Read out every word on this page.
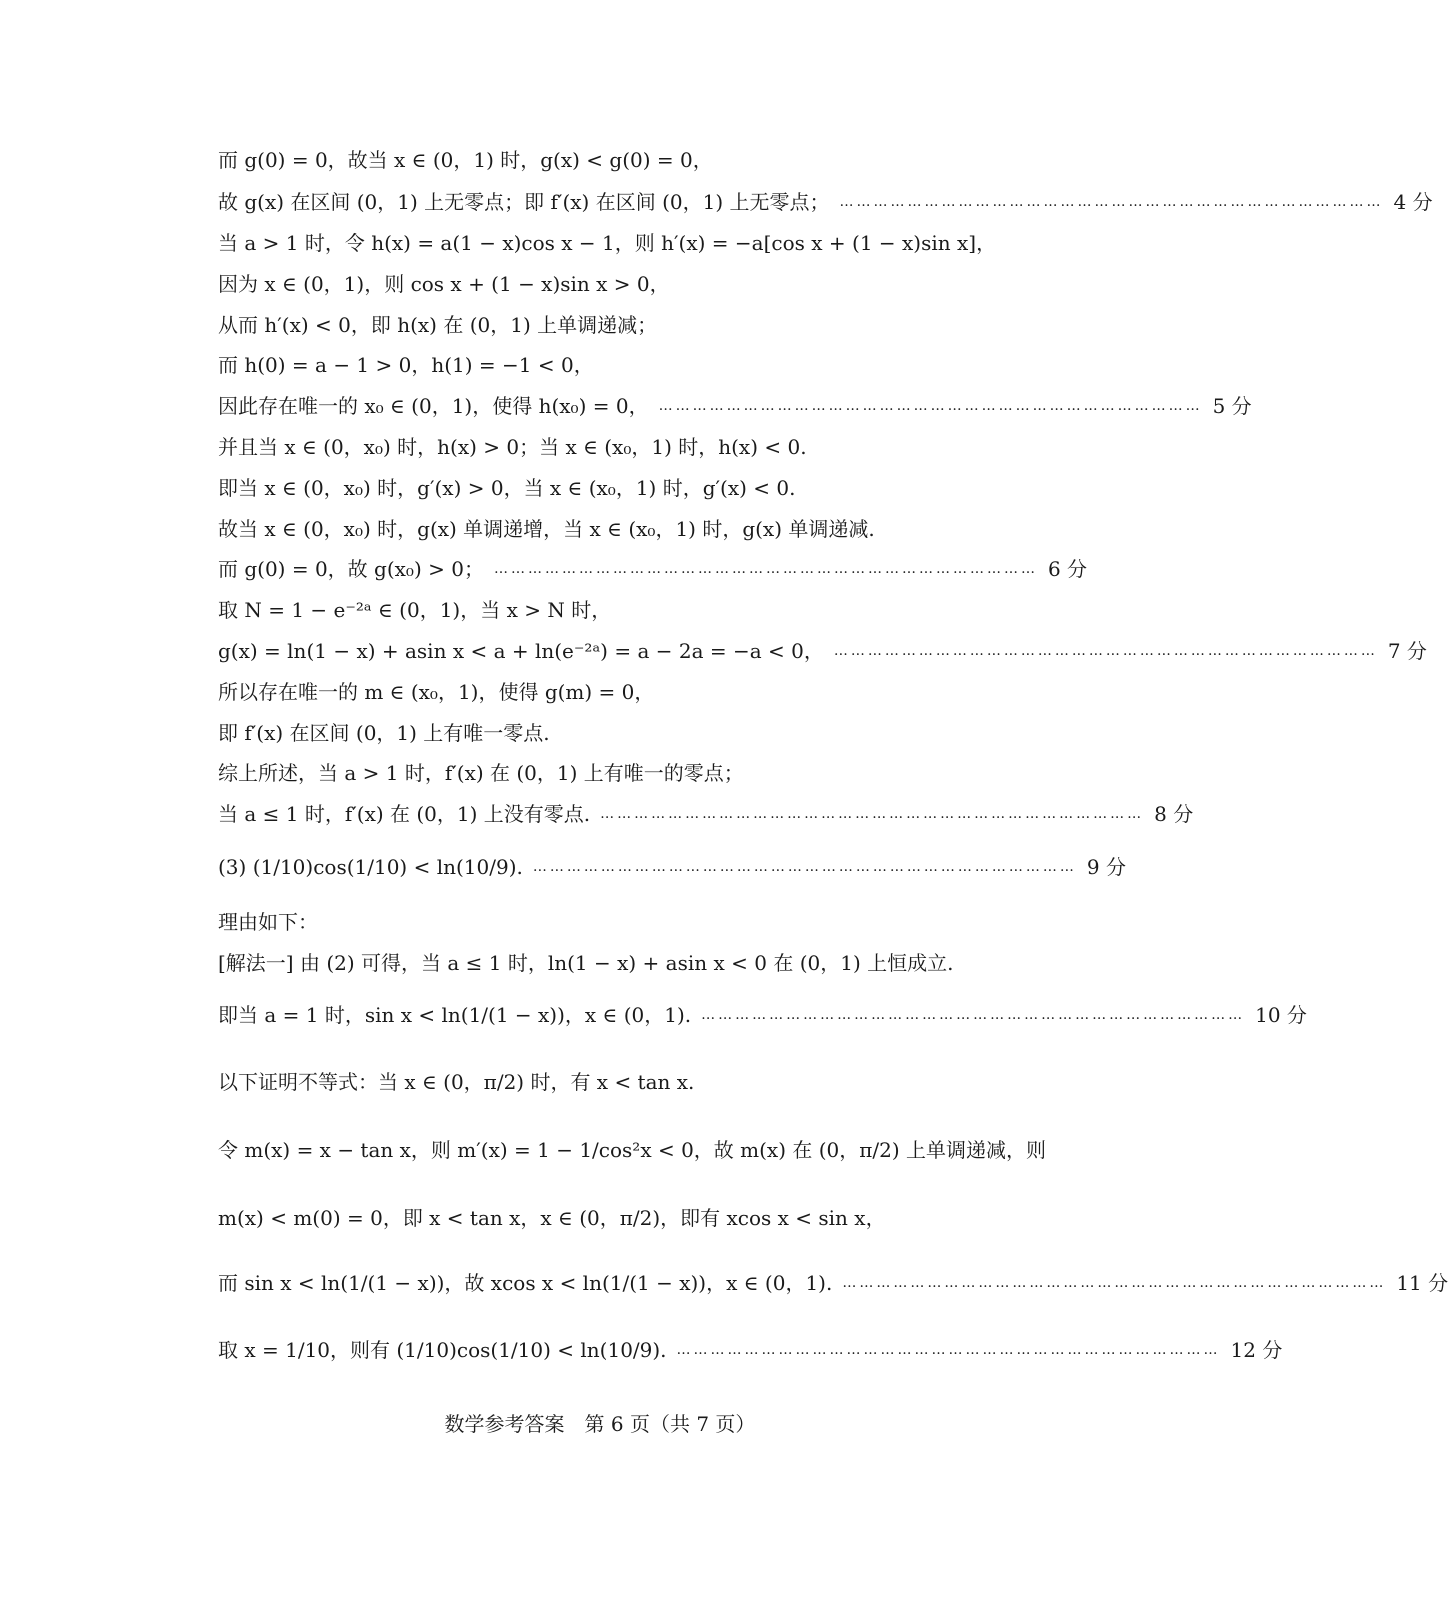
而 g(0) = 0，故当 x ∈ (0，1) 时，g(x) < g(0) = 0，
故 g(x) 在区间 (0，1) 上无零点；即 f′(x) 在区间 (0，1) 上无零点； …………………………………………………………………………………… 4 分
当 a > 1 时，令 h(x) = a(1 − x)cos x − 1，则 h′(x) = −a[cos x + (1 − x)sin x]，
因为 x ∈ (0，1)，则 cos x + (1 − x)sin x > 0，
从而 h′(x) < 0，即 h(x) 在 (0，1) 上单调递减；
而 h(0) = a − 1 > 0，h(1) = −1 < 0，
因此存在唯一的 x₀ ∈ (0，1)，使得 h(x₀) = 0， …………………………………………………………………………………… 5 分
并且当 x ∈ (0，x₀) 时，h(x) > 0；当 x ∈ (x₀，1) 时，h(x) < 0.
即当 x ∈ (0，x₀) 时，g′(x) > 0，当 x ∈ (x₀，1) 时，g′(x) < 0.
故当 x ∈ (0，x₀) 时，g(x) 单调递增，当 x ∈ (x₀，1) 时，g(x) 单调递减.
而 g(0) = 0，故 g(x₀) > 0； …………………………………………………………………………………… 6 分
取 N = 1 − e⁻²ᵃ ∈ (0，1)，当 x > N 时，
g(x) = ln(1 − x) + asin x < a + ln(e⁻²ᵃ) = a − 2a = −a < 0， …………………………………………………………………………………… 7 分
所以存在唯一的 m ∈ (x₀，1)，使得 g(m) = 0，
即 f′(x) 在区间 (0，1) 上有唯一零点.
综上所述，当 a > 1 时，f′(x) 在 (0，1) 上有唯一的零点；
当 a ≤ 1 时，f′(x) 在 (0，1) 上没有零点. …………………………………………………………………………………… 8 分
(3) (1/10)cos(1/10) < ln(10/9). …………………………………………………………………………………… 9 分
理由如下：
[解法一] 由 (2) 可得，当 a ≤ 1 时，ln(1 − x) + asin x < 0 在 (0，1) 上恒成立.
即当 a = 1 时，sin x < ln(1/(1 − x))，x ∈ (0，1). …………………………………………………………………………………… 10 分
以下证明不等式：当 x ∈ (0，π/2) 时，有 x < tan x.
令 m(x) = x − tan x，则 m′(x) = 1 − 1/cos²x < 0，故 m(x) 在 (0，π/2) 上单调递减，则
m(x) < m(0) = 0，即 x < tan x，x ∈ (0，π/2)，即有 xcos x < sin x，
而 sin x < ln(1/(1 − x))，故 xcos x < ln(1/(1 − x))，x ∈ (0，1). …………………………………………………………………………………… 11 分
取 x = 1/10，则有 (1/10)cos(1/10) < ln(10/9). …………………………………………………………………………………… 12 分
数学参考答案　第 6 页（共 7 页）
